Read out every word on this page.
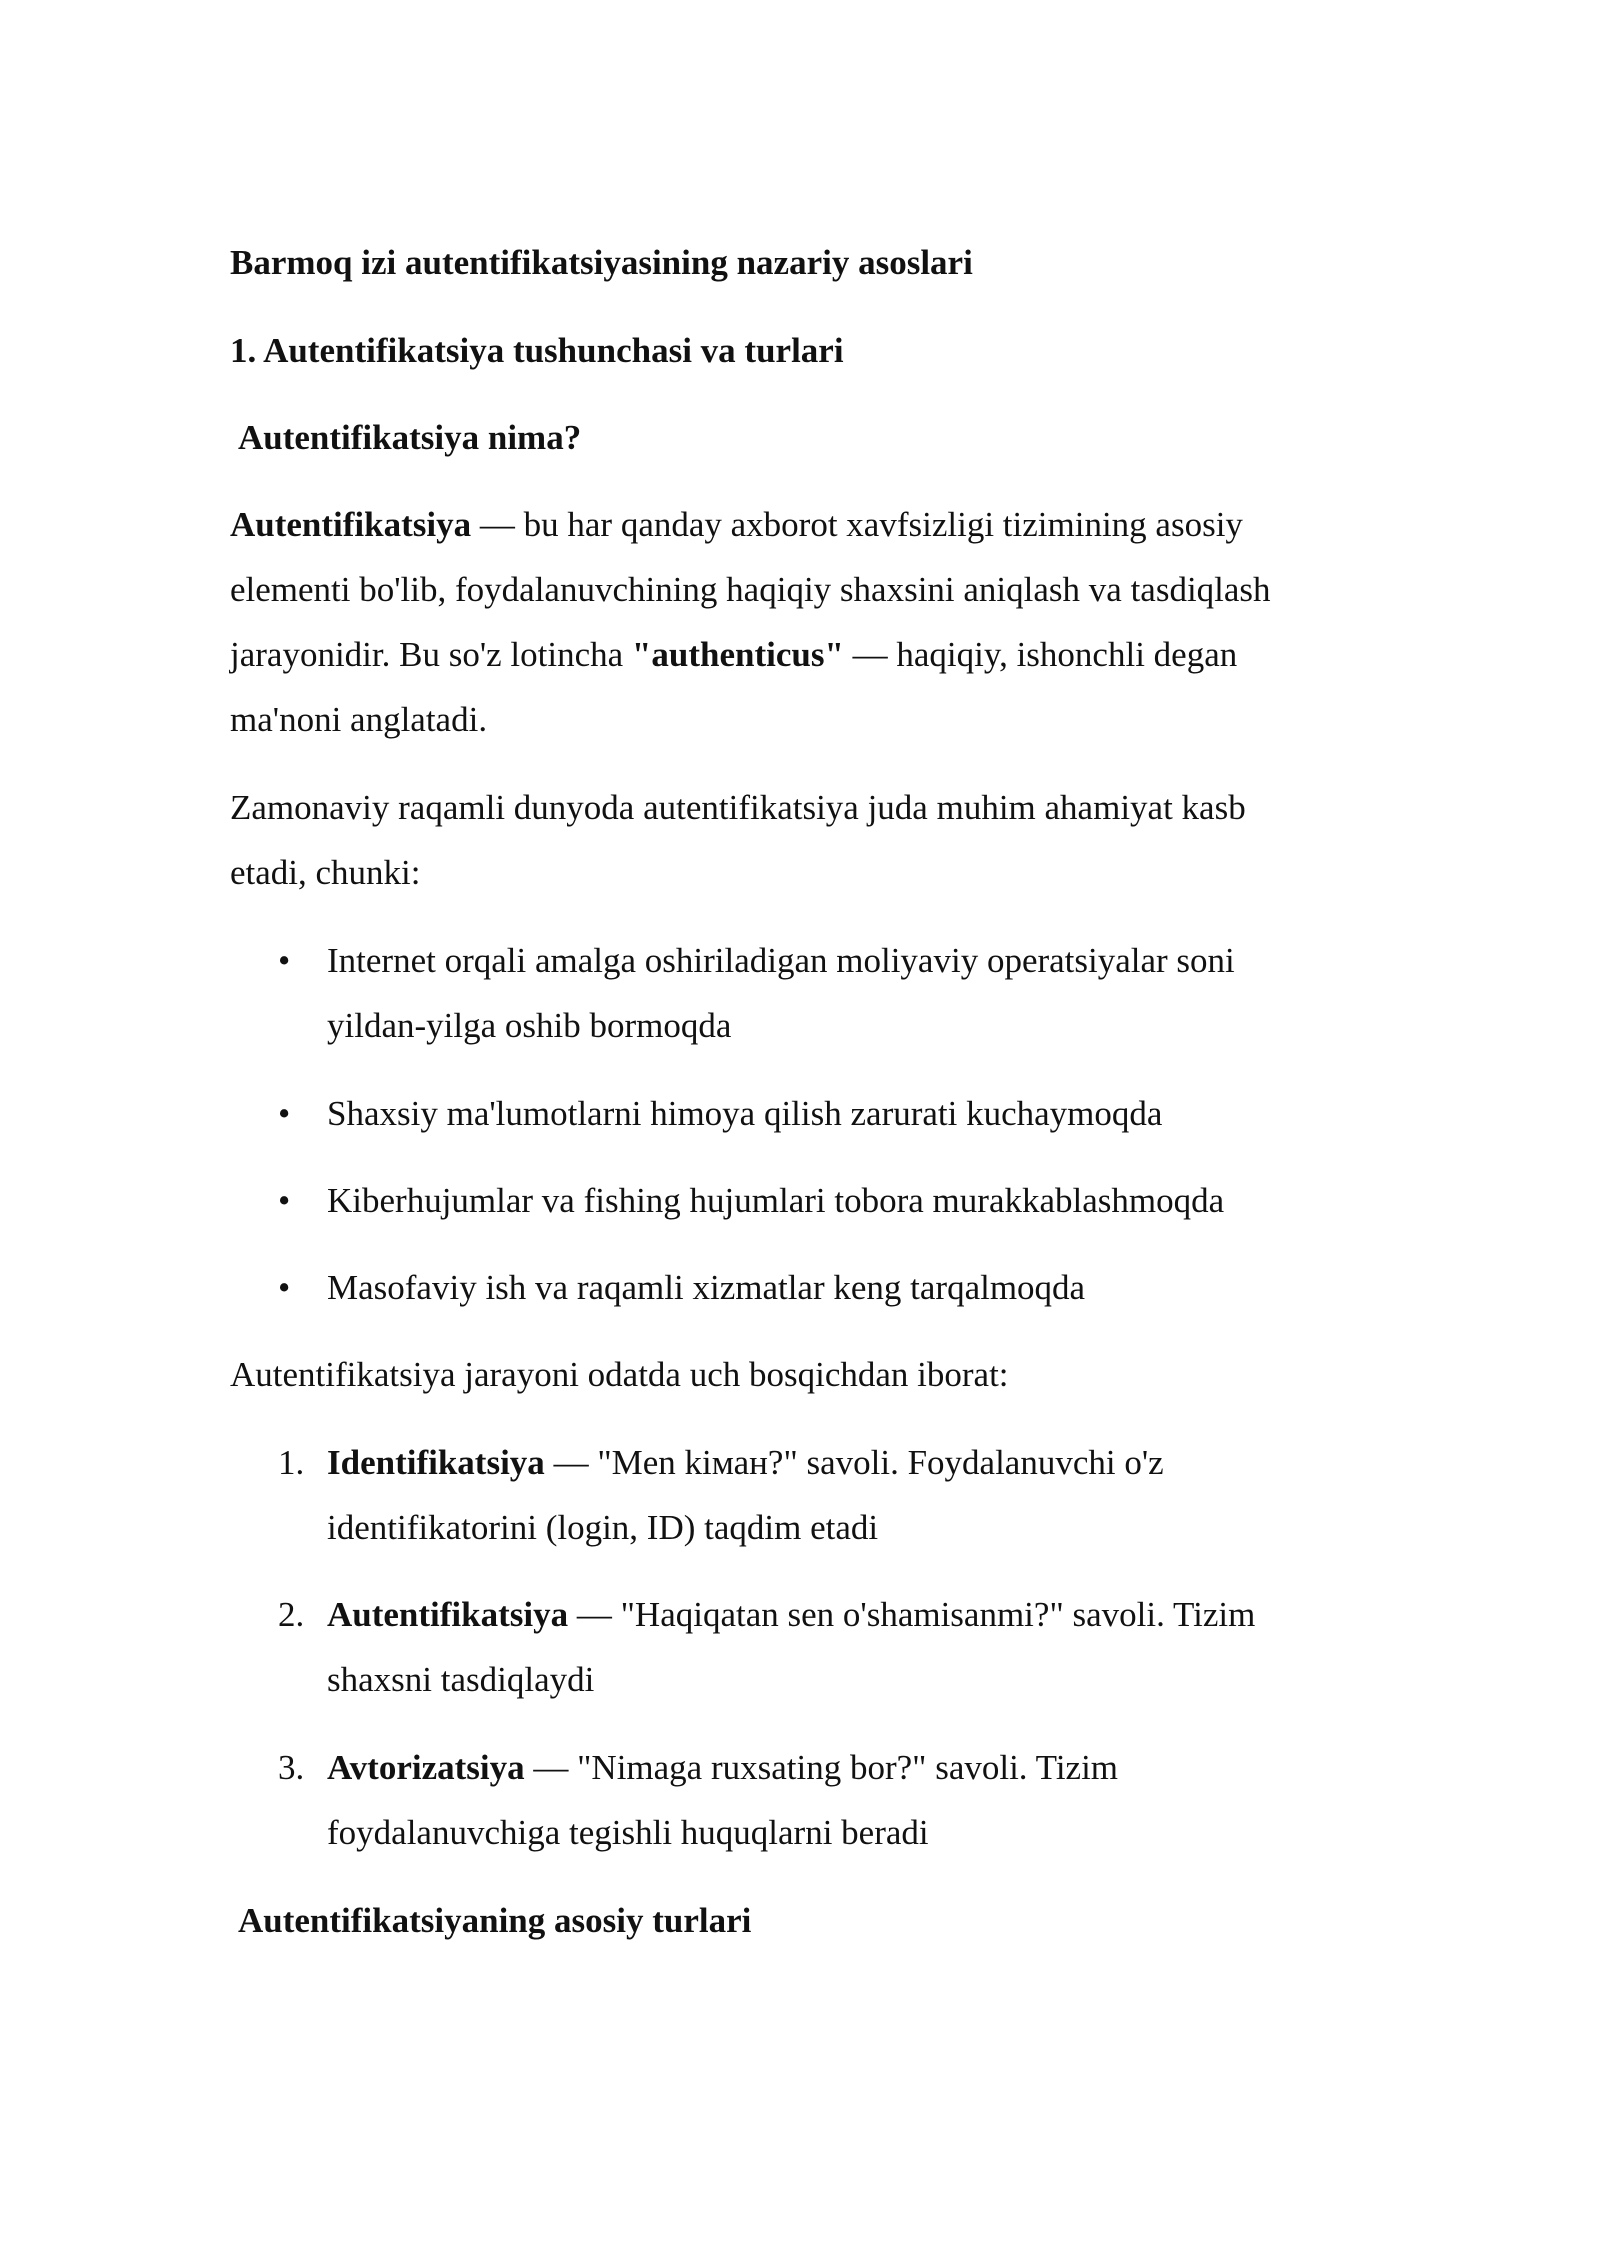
Barmoq izi autentifikatsiyasining nazariy asoslari

1. Autentifikatsiya tushunchasi va turlari

Autentifikatsiya nima?

Autentifikatsiya — bu har qanday axborot xavfsizligi tizimining asosiy

elementi bo'lib, foydalanuvchining haqiqiy shaxsini aniqlash va tasdiqlash

jarayonidir. Bu so'z lotincha "authenticus" — haqiqiy, ishonchli degan

ma'noni anglatadi.

Zamonaviy raqamli dunyoda autentifikatsiya juda muhim ahamiyat kasb

etadi, chunki:

• Internet orqali amalga oshiriladigan moliyaviy operatsiyalar soni

yildan-yilga oshib bormoqda

• Shaxsiy ma'lumotlarni himoya qilish zarurati kuchaymoqda

• Kiberhujumlar va fishing hujumlari tobora murakkablashmoqda

• Masofaviy ish va raqamli xizmatlar keng tarqalmoqda

Autentifikatsiya jarayoni odatda uch bosqichdan iborat:

1. Identifikatsiya — "Men kiман?" savoli. Foydalanuvchi o'z

identifikatorini (login, ID) taqdim etadi

2. Autentifikatsiya — "Haqiqatan sen o'shamisanmi?" savoli. Tizim

shaxsni tasdiqlaydi

3. Avtorizatsiya — "Nimaga ruxsating bor?" savoli. Tizim

foydalanuvchiga tegishli huquqlarni beradi

Autentifikatsiyaning asosiy turlari
